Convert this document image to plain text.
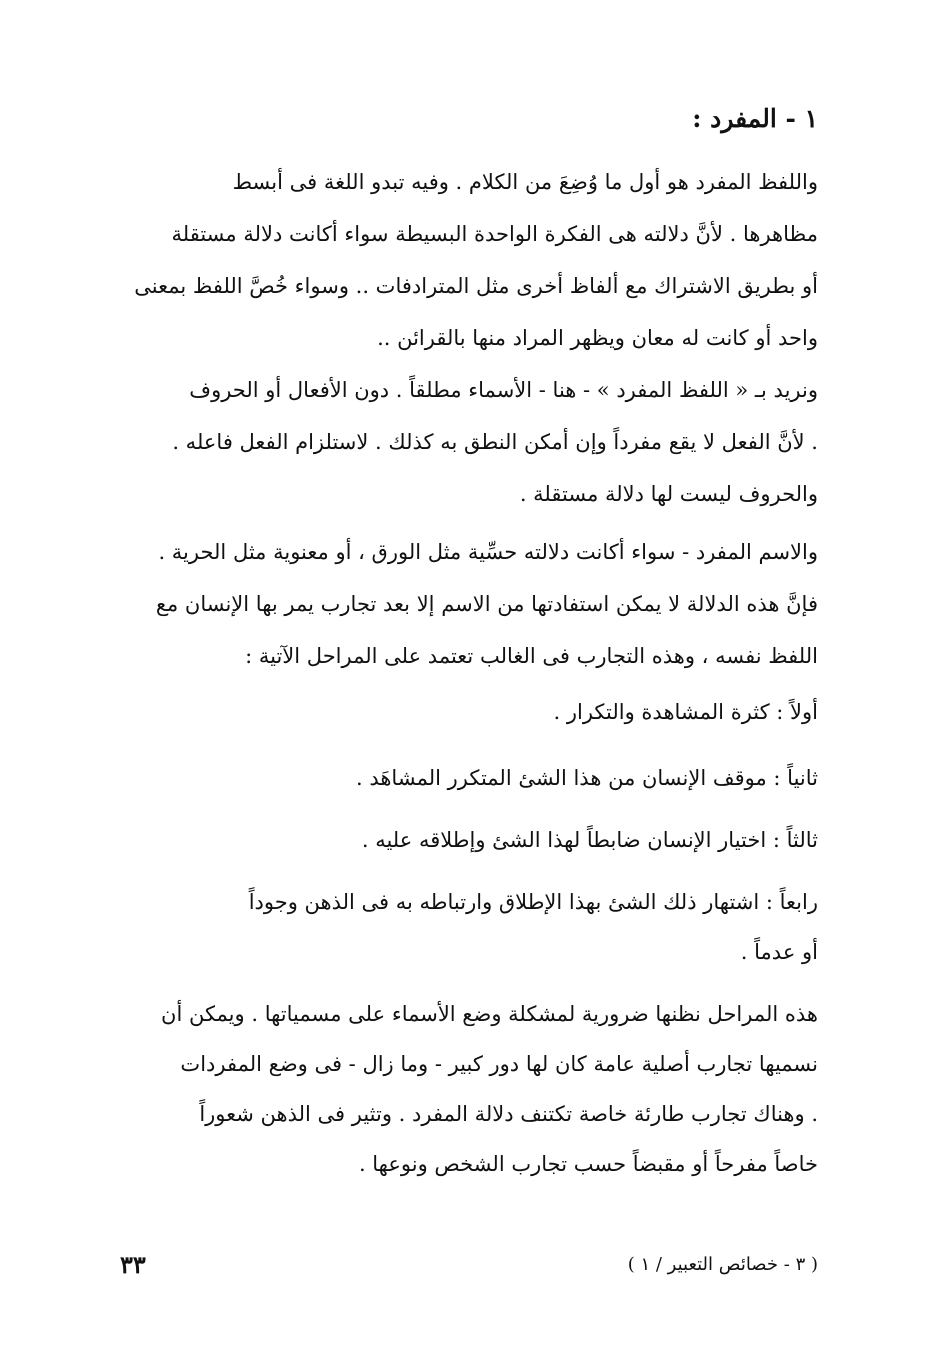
١ - المفرد :
واللفظ المفرد هو أول ما وُضِعَ من الكلام . وفيه تبدو اللغة فى أبسط
مظاهرها . لأنَّ دلالته هى الفكرة الواحدة البسيطة سواء أكانت دلالة مستقلة
أو بطريق الاشتراك مع ألفاظ أخرى مثل المترادفات .. وسواء خُصَّ اللفظ بمعنى
واحد أو كانت له معان ويظهر المراد منها بالقرائن ..
ونريد بـ « اللفظ المفرد » - هنا - الأسماء مطلقاً . دون الأفعال أو الحروف
. لأنَّ الفعل لا يقع مفرداً وإن أمكن النطق به كذلك . لاستلزام الفعل فاعله .
والحروف ليست لها دلالة مستقلة .
والاسم المفرد - سواء أكانت دلالته حسِّية مثل الورق ، أو معنوية مثل الحرية .
فإنَّ هذه الدلالة لا يمكن استفادتها من الاسم إلا بعد تجارب يمر بها الإنسان مع
اللفظ نفسه ، وهذه التجارب فى الغالب تعتمد على المراحل الآتية :
أولاً : كثرة المشاهدة والتكرار .
ثانياً : موقف الإنسان من هذا الشئ المتكرر المشاهَد .
ثالثاً : اختيار الإنسان ضابطاً لهذا الشئ وإطلاقه عليه .
رابعاً : اشتهار ذلك الشئ بهذا الإطلاق وارتباطه به فى الذهن وجوداً
أو عدماً .
هذه المراحل نظنها ضرورية لمشكلة وضع الأسماء على مسمياتها . ويمكن أن
نسميها تجارب أصلية عامة كان لها دور كبير - وما زال - فى وضع المفردات
. وهناك تجارب طارئة خاصة تكتنف دلالة المفرد . وتثير فى الذهن شعوراً
خاصاً مفرحاً أو مقبضاً حسب تجارب الشخص ونوعها .
( ٣ - خصائص التعبير / ١ )
٣٣
